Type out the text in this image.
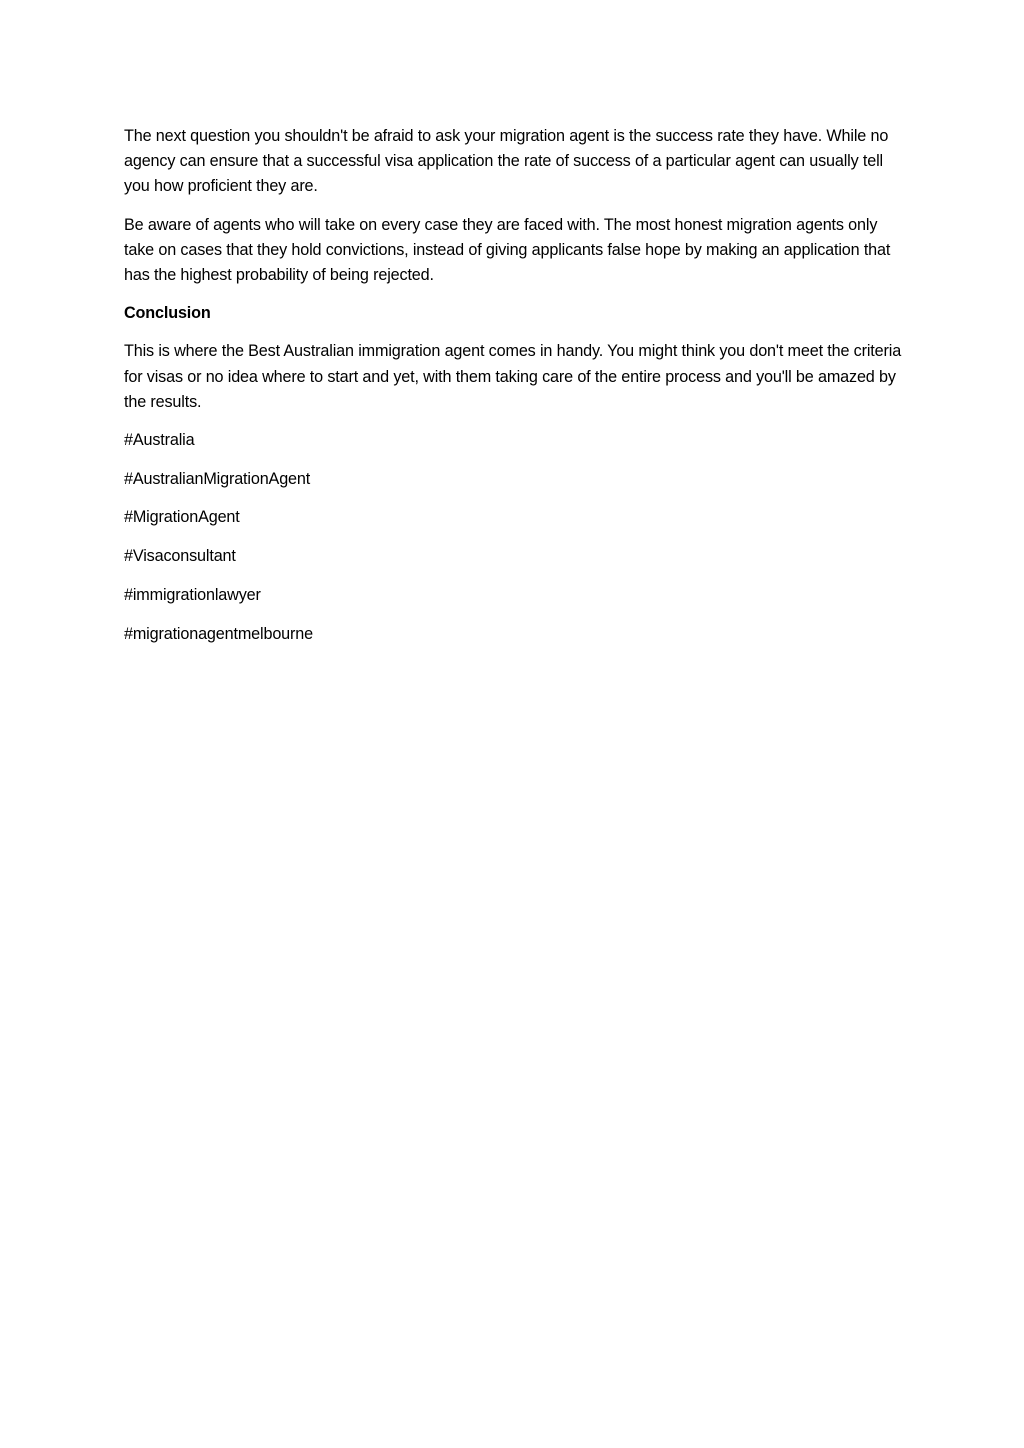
The next question you shouldn't be afraid to ask your migration agent is the success rate they have. While no agency can ensure that a successful visa application the rate of success of a particular agent can usually tell you how proficient they are.

Be aware of agents who will take on every case they are faced with. The most honest migration agents only take on cases that they hold convictions, instead of giving applicants false hope by making an application that has the highest probability of being rejected.

Conclusion

This is where the Best Australian immigration agent comes in handy. You might think you don't meet the criteria for visas or no idea where to start and yet, with them taking care of the entire process and you'll be amazed by the results.

#Australia

#AustralianMigrationAgent

#MigrationAgent

#Visaconsultant

#immigrationlawyer

#migrationagentmelbourne
